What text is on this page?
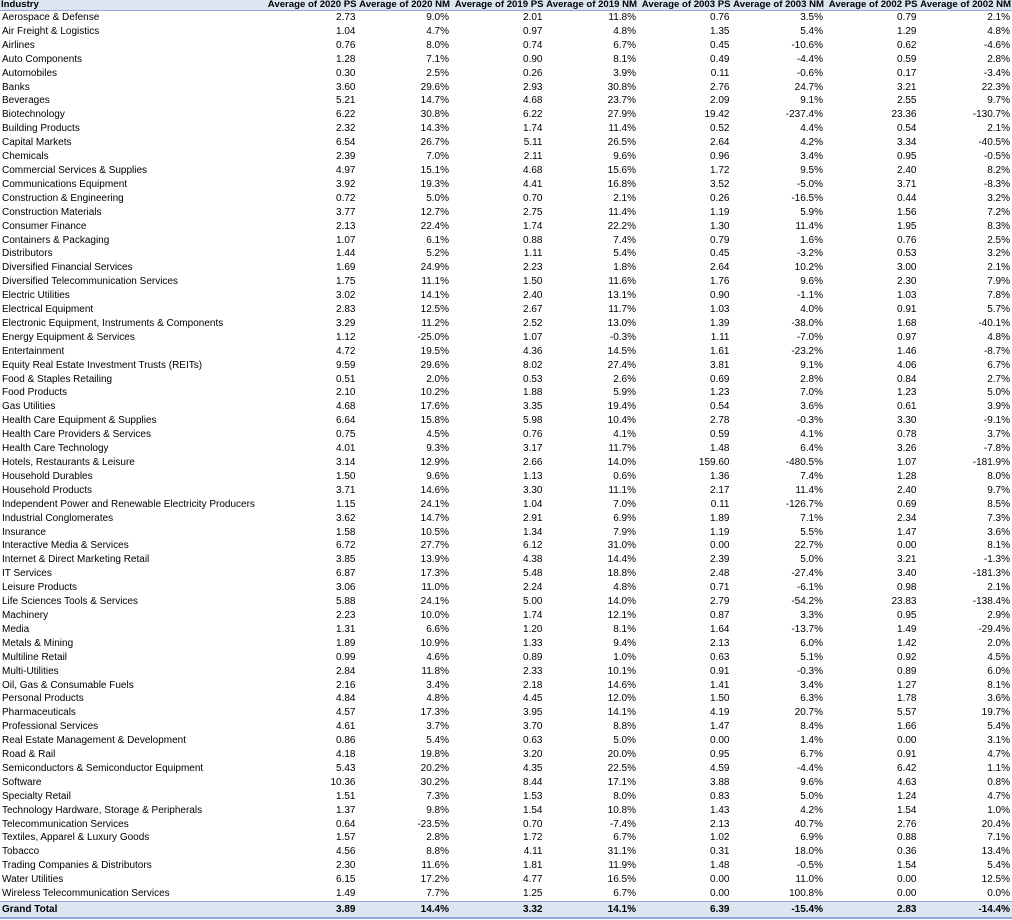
Industry	Average of 2020 PS	Average of 2020 NM	Average of 2019 PS	Average of 2019 NM	Average of 2003 PS	Average of 2003 NM	Average of 2002 PS	Average of 2002 NM
Aerospace & Defense	2.73	9.0%	2.01	11.8%	0.76	3.5%	0.79	2.1%
Air Freight & Logistics	1.04	4.7%	0.97	4.8%	1.35	5.4%	1.29	4.8%
Airlines	0.76	8.0%	0.74	6.7%	0.45	-10.6%	0.62	-4.6%
Auto Components	1.28	7.1%	0.90	8.1%	0.49	-4.4%	0.59	2.8%
Automobiles	0.30	2.5%	0.26	3.9%	0.11	-0.6%	0.17	-3.4%
Banks	3.60	29.6%	2.93	30.8%	2.76	24.7%	3.21	22.3%
Beverages	5.21	14.7%	4.68	23.7%	2.09	9.1%	2.55	9.7%
Biotechnology	6.22	30.8%	6.22	27.9%	19.42	-237.4%	23.36	-130.7%
Building Products	2.32	14.3%	1.74	11.4%	0.52	4.4%	0.54	2.1%
Capital Markets	6.54	26.7%	5.11	26.5%	2.64	4.2%	3.34	-40.5%
Chemicals	2.39	7.0%	2.11	9.6%	0.96	3.4%	0.95	-0.5%
Commercial Services & Supplies	4.97	15.1%	4.68	15.6%	1.72	9.5%	2.40	8.2%
Communications Equipment	3.92	19.3%	4.41	16.8%	3.52	-5.0%	3.71	-8.3%
Construction & Engineering	0.72	5.0%	0.70	2.1%	0.26	-16.5%	0.44	3.2%
Construction Materials	3.77	12.7%	2.75	11.4%	1.19	5.9%	1.56	7.2%
Consumer Finance	2.13	22.4%	1.74	22.2%	1.30	11.4%	1.95	8.3%
Containers & Packaging	1.07	6.1%	0.88	7.4%	0.79	1.6%	0.76	2.5%
Distributors	1.44	5.2%	1.11	5.4%	0.45	-3.2%	0.53	3.2%
Diversified Financial Services	1.69	24.9%	2.23	1.8%	2.64	10.2%	3.00	2.1%
Diversified Telecommunication Services	1.75	11.1%	1.50	11.6%	1.76	9.6%	2.30	7.9%
Electric Utilities	3.02	14.1%	2.40	13.1%	0.90	-1.1%	1.03	7.8%
Electrical Equipment	2.83	12.5%	2.67	11.7%	1.03	4.0%	0.91	5.7%
Electronic Equipment, Instruments & Components	3.29	11.2%	2.52	13.0%	1.39	-38.0%	1.68	-40.1%
Energy Equipment & Services	1.12	-25.0%	1.07	-0.3%	1.11	-7.0%	0.97	4.8%
Entertainment	4.72	19.5%	4.36	14.5%	1.61	-23.2%	1.46	-8.7%
Equity Real Estate Investment Trusts (REITs)	9.59	29.6%	8.02	27.4%	3.81	9.1%	4.06	6.7%
Food & Staples Retailing	0.51	2.0%	0.53	2.6%	0.69	2.8%	0.84	2.7%
Food Products	2.10	10.2%	1.88	5.9%	1.23	7.0%	1.23	5.0%
Gas Utilities	4.68	17.6%	3.35	19.4%	0.54	3.6%	0.61	3.9%
Health Care Equipment & Supplies	6.64	15.8%	5.98	10.4%	2.78	-0.3%	3.30	-9.1%
Health Care Providers & Services	0.75	4.5%	0.76	4.1%	0.59	4.1%	0.78	3.7%
Health Care Technology	4.01	9.3%	3.17	11.7%	1.48	6.4%	3.26	-7.8%
Hotels, Restaurants & Leisure	3.14	12.9%	2.66	14.0%	159.60	-480.5%	1.07	-181.9%
Household Durables	1.50	9.6%	1.13	0.6%	1.36	7.4%	1.28	8.0%
Household Products	3.71	14.6%	3.30	11.1%	2.17	11.4%	2.40	9.7%
Independent Power and Renewable Electricity Producers	1.15	24.1%	1.04	7.0%	0.11	-126.7%	0.69	8.5%
Industrial Conglomerates	3.62	14.7%	2.91	6.9%	1.89	7.1%	2.34	7.3%
Insurance	1.58	10.5%	1.34	7.9%	1.19	5.5%	1.47	3.6%
Interactive Media & Services	6.72	27.7%	6.12	31.0%	0.00	22.7%	0.00	8.1%
Internet & Direct Marketing Retail	3.85	13.9%	4.38	14.4%	2.39	5.0%	3.21	-1.3%
IT Services	6.87	17.3%	5.48	18.8%	2.48	-27.4%	3.40	-181.3%
Leisure Products	3.06	11.0%	2.24	4.8%	0.71	-6.1%	0.98	2.1%
Life Sciences Tools & Services	5.88	24.1%	5.00	14.0%	2.79	-54.2%	23.83	-138.4%
Machinery	2.23	10.0%	1.74	12.1%	0.87	3.3%	0.95	2.9%
Media	1.31	6.6%	1.20	8.1%	1.64	-13.7%	1.49	-29.4%
Metals & Mining	1.89	10.9%	1.33	9.4%	2.13	6.0%	1.42	2.0%
Multiline Retail	0.99	4.6%	0.89	1.0%	0.63	5.1%	0.92	4.5%
Multi-Utilities	2.84	11.8%	2.33	10.1%	0.91	-0.3%	0.89	6.0%
Oil, Gas & Consumable Fuels	2.16	3.4%	2.18	14.6%	1.41	3.4%	1.27	8.1%
Personal Products	4.84	4.8%	4.45	12.0%	1.50	6.3%	1.78	3.6%
Pharmaceuticals	4.57	17.3%	3.95	14.1%	4.19	20.7%	5.57	19.7%
Professional Services	4.61	3.7%	3.70	8.8%	1.47	8.4%	1.66	5.4%
Real Estate Management & Development	0.86	5.4%	0.63	5.0%	0.00	1.4%	0.00	3.1%
Road & Rail	4.18	19.8%	3.20	20.0%	0.95	6.7%	0.91	4.7%
Semiconductors & Semiconductor Equipment	5.43	20.2%	4.35	22.5%	4.59	-4.4%	6.42	1.1%
Software	10.36	30.2%	8.44	17.1%	3.88	9.6%	4.63	0.8%
Specialty Retail	1.51	7.3%	1.53	8.0%	0.83	5.0%	1.24	4.7%
Technology Hardware, Storage & Peripherals	1.37	9.8%	1.54	10.8%	1.43	4.2%	1.54	1.0%
Telecommunication Services	0.64	-23.5%	0.70	-7.4%	2.13	40.7%	2.76	20.4%
Textiles, Apparel & Luxury Goods	1.57	2.8%	1.72	6.7%	1.02	6.9%	0.88	7.1%
Tobacco	4.56	8.8%	4.11	31.1%	0.31	18.0%	0.36	13.4%
Trading Companies & Distributors	2.30	11.6%	1.81	11.9%	1.48	-0.5%	1.54	5.4%
Water Utilities	6.15	17.2%	4.77	16.5%	0.00	11.0%	0.00	12.5%
Wireless Telecommunication Services	1.49	7.7%	1.25	6.7%	0.00	100.8%	0.00	0.0%
Grand Total	3.89	14.4%	3.32	14.1%	6.39	-15.4%	2.83	-14.4%
